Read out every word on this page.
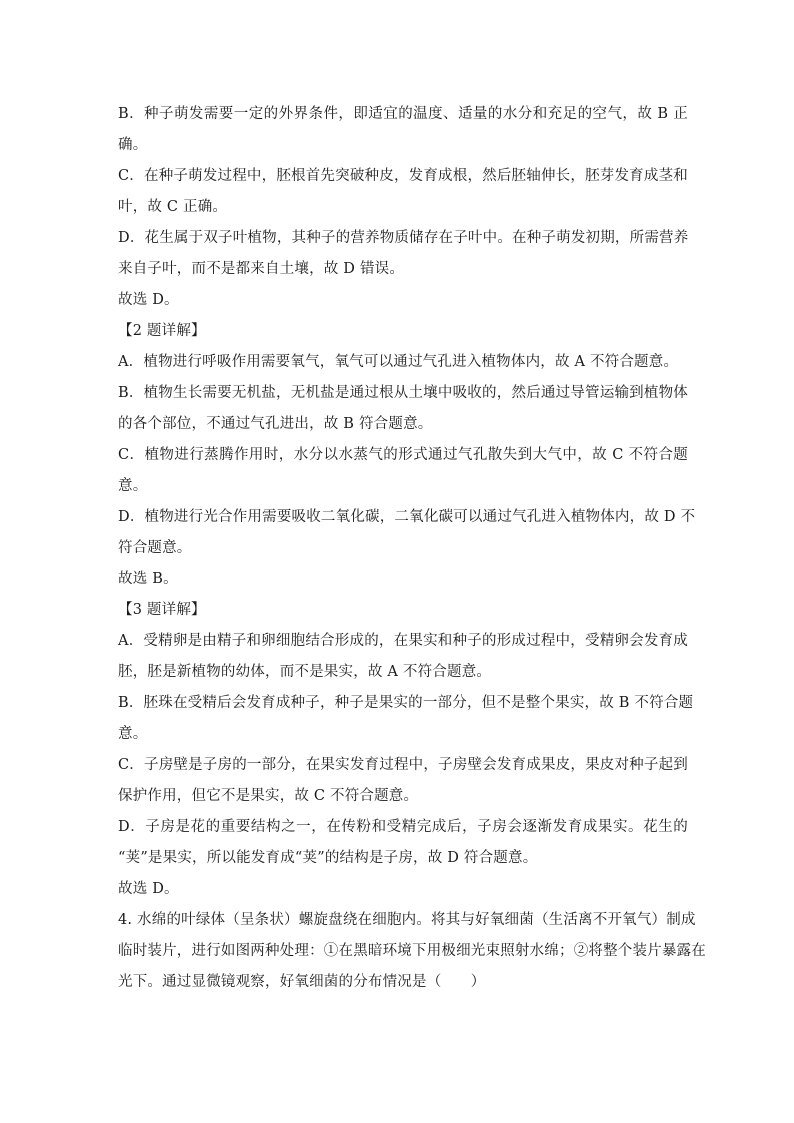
B．种子萌发需要一定的外界条件，即适宜的温度、适量的水分和充足的空气，故 B 正
确。
C．在种子萌发过程中，胚根首先突破种皮，发育成根，然后胚轴伸长，胚芽发育成茎和
叶，故 C 正确。
D．花生属于双子叶植物，其种子的营养物质储存在子叶中。在种子萌发初期，所需营养
来自子叶，而不是都来自土壤，故 D 错误。
故选 D。
【2 题详解】
A．植物进行呼吸作用需要氧气，氧气可以通过气孔进入植物体内，故 A 不符合题意。
B．植物生长需要无机盐，无机盐是通过根从土壤中吸收的，然后通过导管运输到植物体
的各个部位，不通过气孔进出，故 B 符合题意。
C．植物进行蒸腾作用时，水分以水蒸气的形式通过气孔散失到大气中，故 C 不符合题
意。
D．植物进行光合作用需要吸收二氧化碳，二氧化碳可以通过气孔进入植物体内，故 D 不
符合题意。
故选 B。
【3 题详解】
A．受精卵是由精子和卵细胞结合形成的，在果实和种子的形成过程中，受精卵会发育成
胚，胚是新植物的幼体，而不是果实，故 A 不符合题意。
B．胚珠在受精后会发育成种子，种子是果实的一部分，但不是整个果实，故 B 不符合题
意。
C．子房壁是子房的一部分，在果实发育过程中，子房壁会发育成果皮，果皮对种子起到
保护作用，但它不是果实，故 C 不符合题意。
D．子房是花的重要结构之一，在传粉和受精完成后，子房会逐渐发育成果实。花生的
“荚”是果实，所以能发育成“荚”的结构是子房，故 D 符合题意。
故选 D。
4. 水绵的叶绿体（呈条状）螺旋盘绕在细胞内。将其与好氧细菌（生活离不开氧气）制成
临时装片，进行如图两种处理：①在黑暗环境下用极细光束照射水绵；②将整个装片暴露在
光下。通过显微镜观察，好氧细菌的分布情况是（　　）
